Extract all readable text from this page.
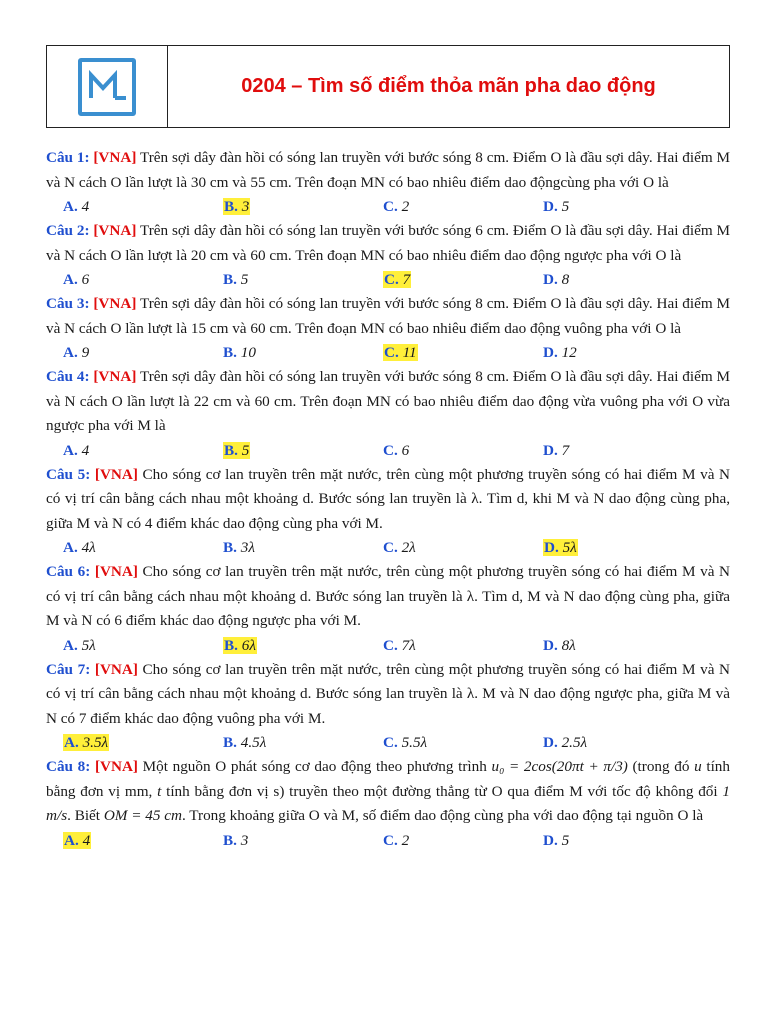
0204 – Tìm số điểm thỏa mãn pha dao động
Câu 1: [VNA] Trên sợi dây đàn hồi có sóng lan truyền với bước sóng 8 cm. Điểm O là đầu sợi dây. Hai điểm M và N cách O lần lượt là 30 cm và 55 cm. Trên đoạn MN có bao nhiêu điểm dao độngcùng pha với O là
A. 4	B. 3	C. 2	D. 5
Câu 2: [VNA] Trên sợi dây đàn hồi có sóng lan truyền với bước sóng 6 cm. Điểm O là đầu sợi dây. Hai điểm M và N cách O lần lượt là 20 cm và 60 cm. Trên đoạn MN có bao nhiêu điểm dao động ngược pha với O là
A. 6	B. 5	C. 7	D. 8
Câu 3: [VNA] Trên sợi dây đàn hồi có sóng lan truyền với bước sóng 8 cm. Điểm O là đầu sợi dây. Hai điểm M và N cách O lần lượt là 15 cm và 60 cm. Trên đoạn MN có bao nhiêu điểm dao động vuông pha với O là
A. 9	B. 10	C. 11	D. 12
Câu 4: [VNA] Trên sợi dây đàn hồi có sóng lan truyền với bước sóng 8 cm. Điểm O là đầu sợi dây. Hai điểm M và N cách O lần lượt là 22 cm và 60 cm. Trên đoạn MN có bao nhiêu điểm dao động vừa vuông pha với O vừa ngược pha với M là
A. 4	B. 5	C. 6	D. 7
Câu 5: [VNA] Cho sóng cơ lan truyền trên mặt nước, trên cùng một phương truyền sóng có hai điểm M và N có vị trí cân bằng cách nhau một khoảng d. Bước sóng lan truyền là λ. Tìm d, khi M và N dao động cùng pha, giữa M và N có 4 điểm khác dao động cùng pha với M.
A. 4λ	B. 3λ	C. 2λ	D. 5λ
Câu 6: [VNA] Cho sóng cơ lan truyền trên mặt nước, trên cùng một phương truyền sóng có hai điểm M và N có vị trí cân bằng cách nhau một khoảng d. Bước sóng lan truyền là λ. Tìm d, M và N dao động cùng pha, giữa M và N có 6 điểm khác dao động ngược pha với M.
A. 5λ	B. 6λ	C. 7λ	D. 8λ
Câu 7: [VNA] Cho sóng cơ lan truyền trên mặt nước, trên cùng một phương truyền sóng có hai điểm M và N có vị trí cân bằng cách nhau một khoảng d. Bước sóng lan truyền là λ. M và N dao động ngược pha, giữa M và N có 7 điểm khác dao động vuông pha với M.
A. 3.5λ	B. 4.5λ	C. 5.5λ	D. 2.5λ
Câu 8: [VNA] Một nguồn O phát sóng cơ dao động theo phương trình u₀ = 2cos(20πt + π/3) (trong đó u tính bằng đơn vị mm, t tính bằng đơn vị s) truyền theo một đường thẳng từ O qua điểm M với tốc độ không đổi 1 m/s. Biết OM = 45 cm. Trong khoảng giữa O và M, số điểm dao động cùng pha với dao động tại nguồn O là
A. 4	B. 3	C. 2	D. 5
